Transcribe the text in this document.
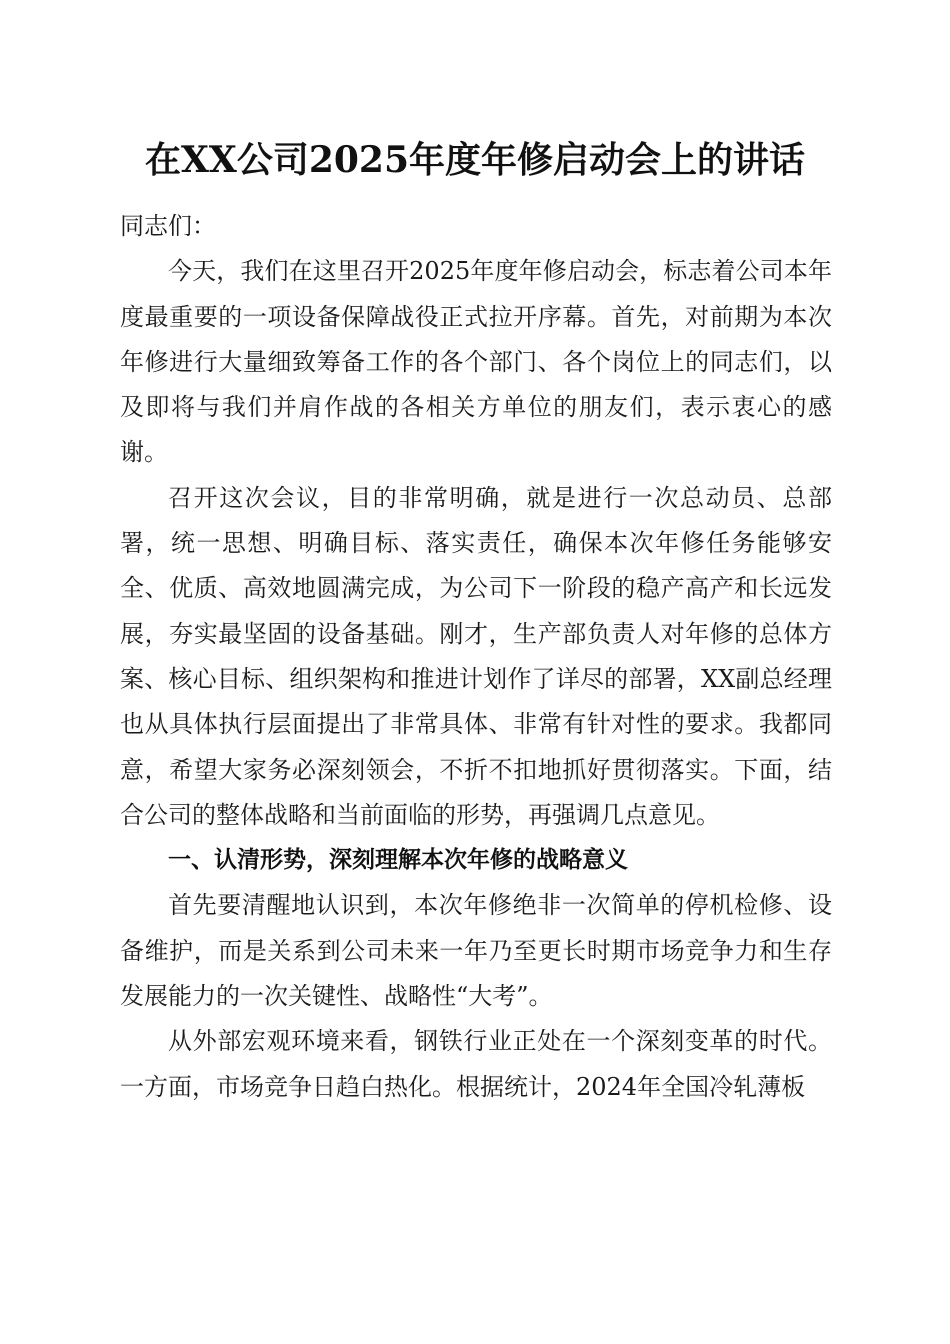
在XX公司2025年度年修启动会上的讲话

同志们：

今天，我们在这里召开2025年度年修启动会，标志着公司本年度最重要的一项设备保障战役正式拉开序幕。首先，对前期为本次年修进行大量细致筹备工作的各个部门、各个岗位上的同志们，以及即将与我们并肩作战的各相关方单位的朋友们，表示衷心的感谢。

召开这次会议，目的非常明确，就是进行一次总动员、总部署，统一思想、明确目标、落实责任，确保本次年修任务能够安全、优质、高效地圆满完成，为公司下一阶段的稳产高产和长远发展，夯实最坚固的设备基础。刚才，生产部负责人对年修的总体方案、核心目标、组织架构和推进计划作了详尽的部署，XX副总经理也从具体执行层面提出了非常具体、非常有针对性的要求。我都同意，希望大家务必深刻领会，不折不扣地抓好贯彻落实。下面，结合公司的整体战略和当前面临的形势，再强调几点意见。

一、认清形势，深刻理解本次年修的战略意义

首先要清醒地认识到，本次年修绝非一次简单的停机检修、设备维护，而是关系到公司未来一年乃至更长时期市场竞争力和生存发展能力的一次关键性、战略性“大考”。

从外部宏观环境来看，钢铁行业正处在一个深刻变革的时代。一方面，市场竞争日趋白热化。根据统计，2024年全国冷轧薄板
